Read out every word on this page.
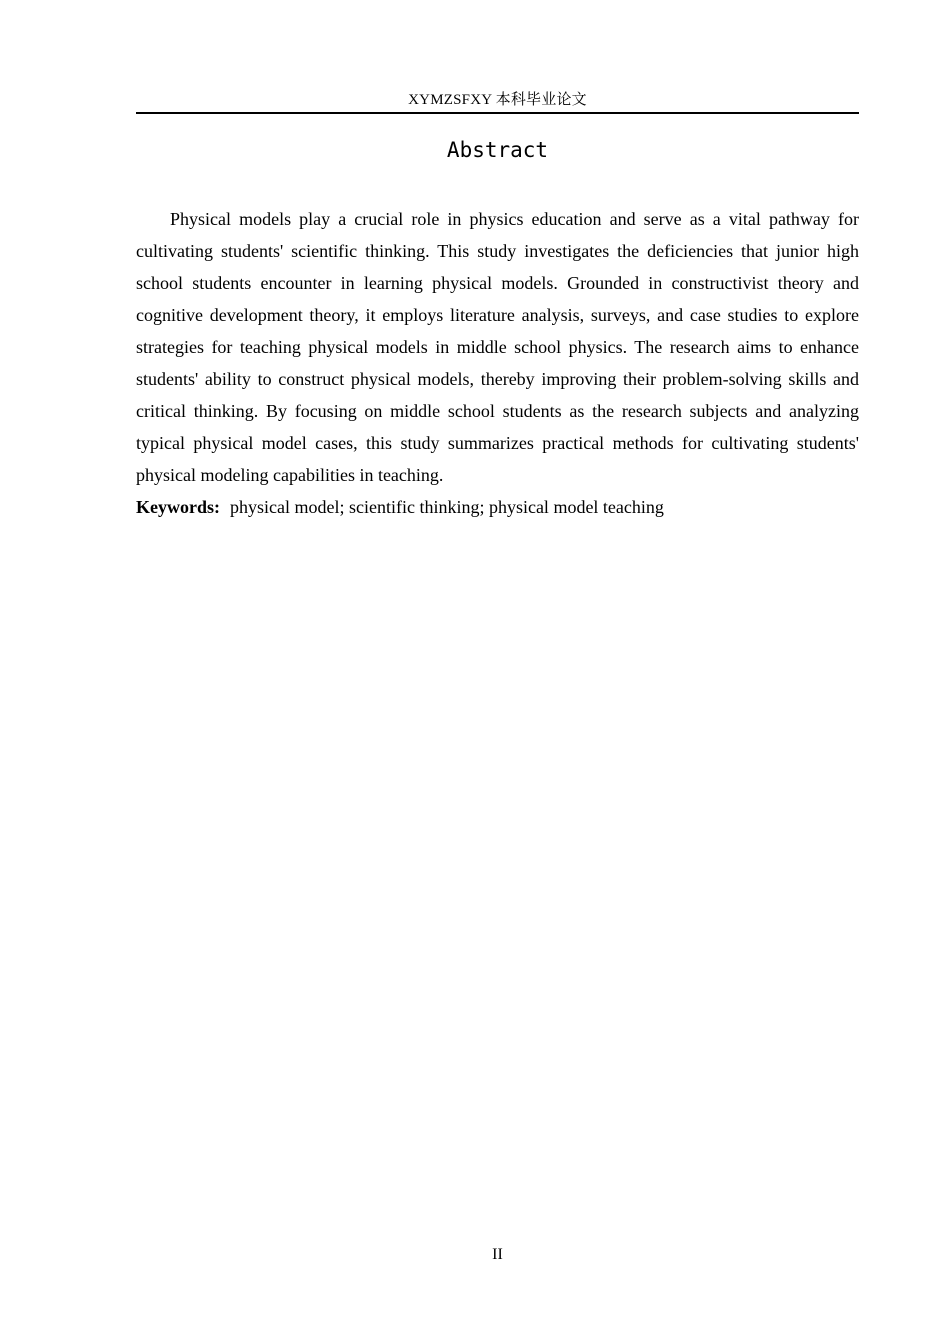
XYMZSFXY 本科毕业论文
Abstract

Physical models play a crucial role in physics education and serve as a vital pathway for cultivating students' scientific thinking. This study investigates the deficiencies that junior high school students encounter in learning physical models. Grounded in constructivist theory and cognitive development theory, it employs literature analysis, surveys, and case studies to explore strategies for teaching physical models in middle school physics. The research aims to enhance students' ability to construct physical models, thereby improving their problem-solving skills and critical thinking. By focusing on middle school students as the research subjects and analyzing typical physical model cases, this study summarizes practical methods for cultivating students' physical modeling capabilities in teaching.

Keywords: physical model; scientific thinking; physical model teaching
II
